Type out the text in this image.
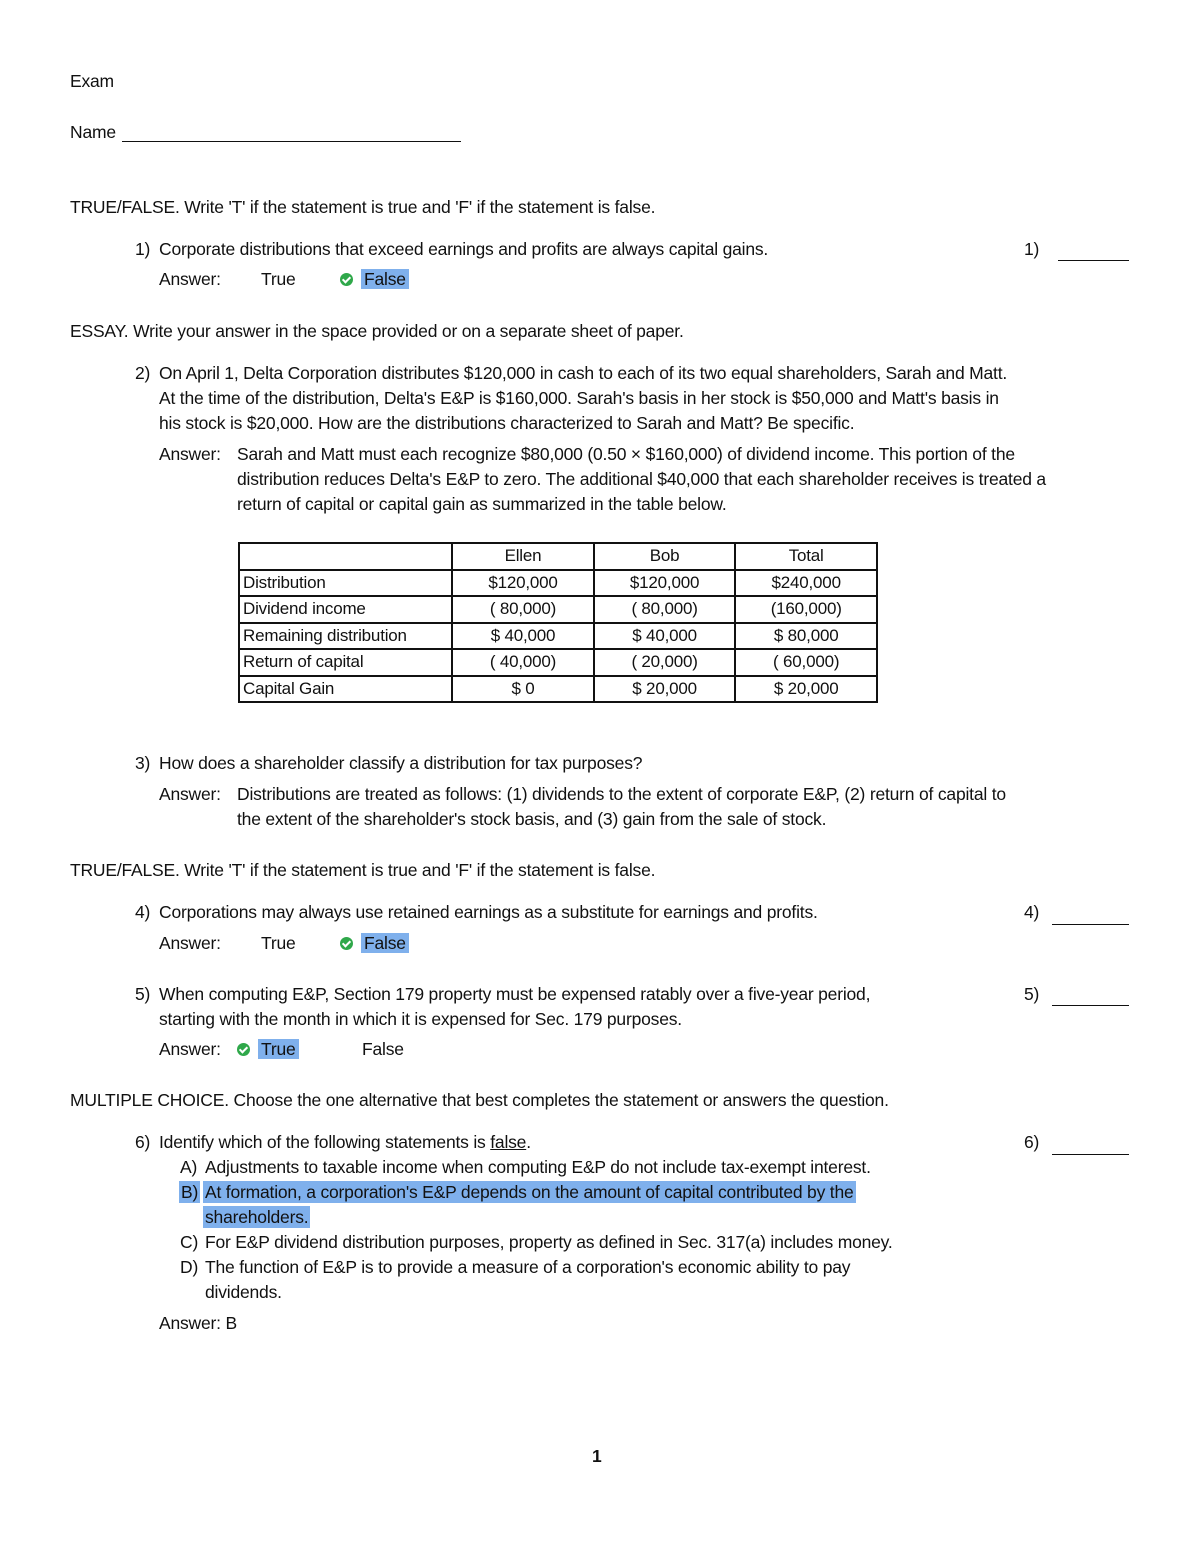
Exam
Name
TRUE/FALSE. Write 'T' if the statement is true and 'F' if the statement is false.
1) Corporate distributions that exceed earnings and profits are always capital gains.	1)
Answer: True	False
ESSAY. Write your answer in the space provided or on a separate sheet of paper.
2) On April 1, Delta Corporation distributes $120,000 in cash to each of its two equal shareholders, Sarah and Matt.
At the time of the distribution, Delta's E&P is $160,000. Sarah's basis in her stock is $50,000 and Matt's basis in
his stock is $20,000. How are the distributions characterized to Sarah and Matt? Be specific.
Answer: Sarah and Matt must each recognize $80,000 (0.50 × $160,000) of dividend income. This portion of the
distribution reduces Delta's E&P to zero. The additional $40,000 that each shareholder receives is treated a
return of capital or capital gain as summarized in the table below.
	Ellen	Bob	Total
Distribution	$120,000	$120,000	$240,000
Dividend income	( 80,000)	( 80,000)	(160,000)
Remaining distribution	$ 40,000	$ 40,000	$ 80,000
Return of capital	( 40,000)	( 20,000)	( 60,000)
Capital Gain	$ 0	$ 20,000	$ 20,000
3) How does a shareholder classify a distribution for tax purposes?
Answer: Distributions are treated as follows: (1) dividends to the extent of corporate E&P, (2) return of capital to
the extent of the shareholder's stock basis, and (3) gain from the sale of stock.
TRUE/FALSE. Write 'T' if the statement is true and 'F' if the statement is false.
4) Corporations may always use retained earnings as a substitute for earnings and profits.	4)
Answer: True	False
5) When computing E&P, Section 179 property must be expensed ratably over a five-year period,
starting with the month in which it is expensed for Sec. 179 purposes.
5)
Answer:	True	False
MULTIPLE CHOICE. Choose the one alternative that best completes the statement or answers the question.
6) Identify which of the following statements is false.	6)
A) Adjustments to taxable income when computing E&P do not include tax-exempt interest.
B) At formation, a corporation's E&P depends on the amount of capital contributed by the
shareholders.
C) For E&P dividend distribution purposes, property as defined in Sec. 317(a) includes money.
D) The function of E&P is to provide a measure of a corporation's economic ability to pay
dividends.
Answer: B
1
